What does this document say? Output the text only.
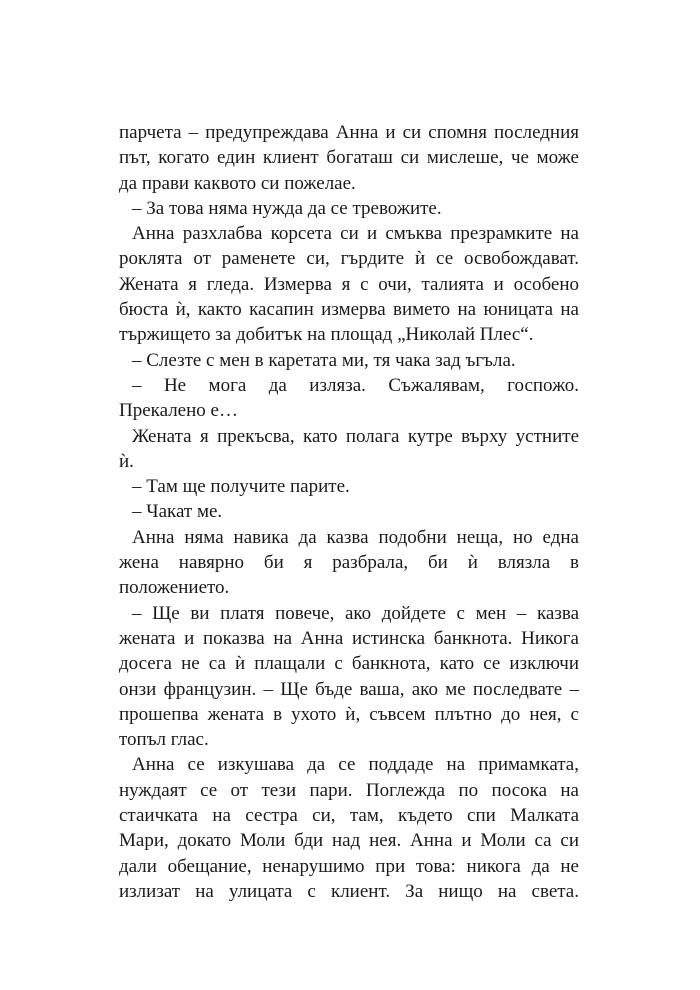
парчета – предупреждава Анна и си спомня последния
път, когато един клиент богаташ си мислеше, че може
да прави каквото си пожелае.
– За това няма нужда да се тревожите.
Анна разхлабва корсета си и смъква презрамките на
роклята от раменете си, гърдите ѝ се освобождават.
Жената я гледа. Измерва я с очи, талията и особено
бюста ѝ, както касапин измерва вимето на юницата на
тържището за добитък на площад „Николай Плес“.
– Слезте с мен в каретата ми, тя чака зад ъгъла.
– Не мога да изляза. Съжалявам, госпожо.
Прекалено е…
Жената я прекъсва, като полага кутре върху устните
ѝ.
– Там ще получите парите.
– Чакат ме.
Анна няма навика да казва подобни неща, но една
жена навярно би я разбрала, би ѝ влязла в
положението.
– Ще ви платя повече, ако дойдете с мен – казва
жената и показва на Анна истинска банкнота. Никога
досега не са ѝ плащали с банкнота, като се изключи
онзи французин. – Ще бъде ваша, ако ме последвате –
прошепва жената в ухото ѝ, съвсем плътно до нея, с
топъл глас.
Анна се изкушава да се поддаде на примамката,
нуждаят се от тези пари. Поглежда по посока на
стаичката на сестра си, там, където спи Малката
Мари, докато Моли бди над нея. Анна и Моли са си
дали обещание, ненарушимо при това: никога да не
излизат на улицата с клиент. За нищо на света.
